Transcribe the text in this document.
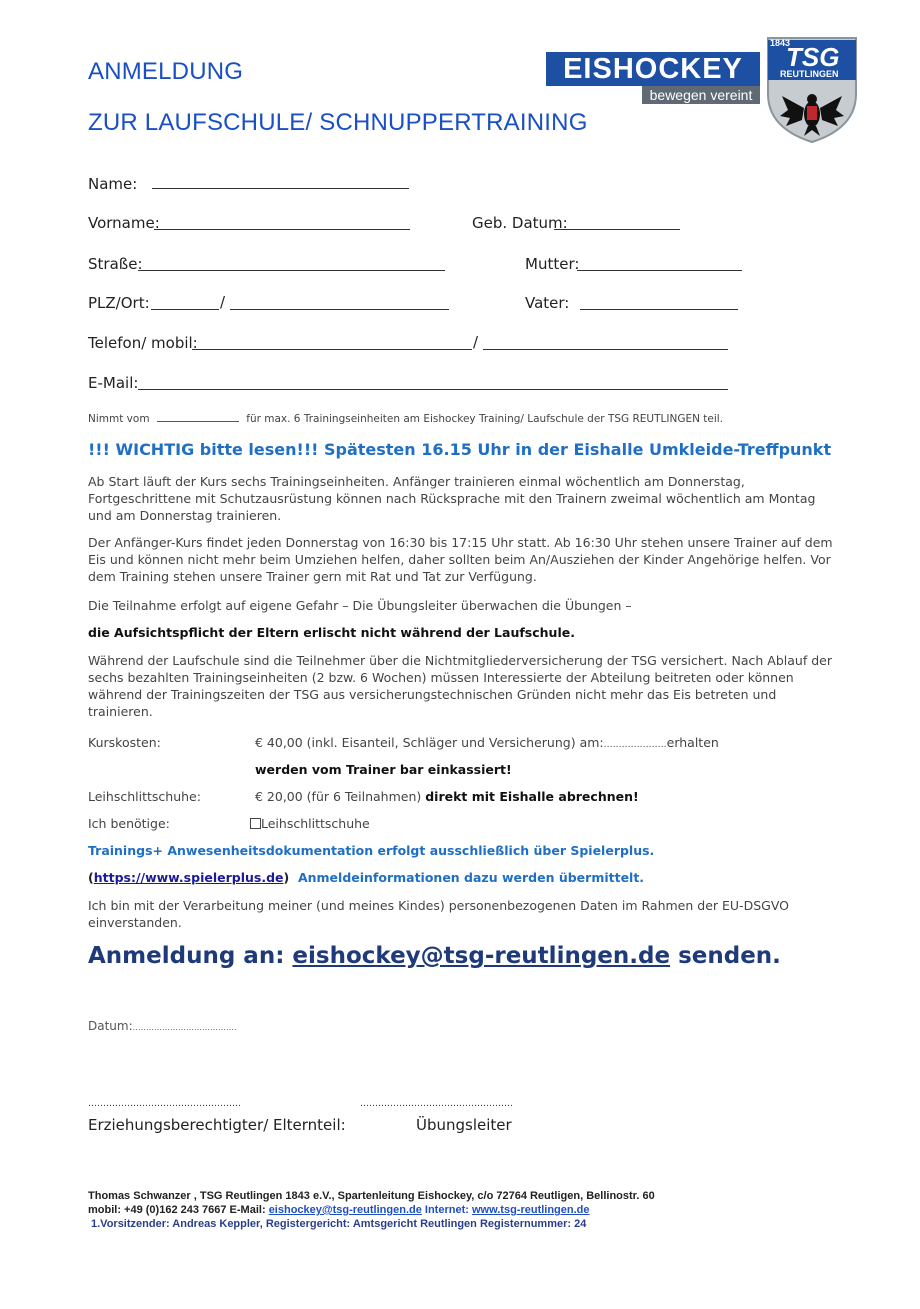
ANMELDUNG
ZUR LAUFSCHULE/ SCHNUPPERTRAINING
EISHOCKEY
bewegen vereint
1843
TSG
REUTLINGEN
Name:
Vorname:	Geb. Datum:
Straße:	Mutter:
PLZ/Ort:	/	Vater:
Telefon/ mobil:	/
E-Mail:
Nimmt vom	für max. 6 Trainingseinheiten am Eishockey Training/ Laufschule der TSG REUTLINGEN teil.
!!! WICHTIG bitte lesen!!! Spätesten 16.15 Uhr in der Eishalle Umkleide-Treffpunkt
Ab Start läuft der Kurs sechs Trainingseinheiten. Anfänger trainieren einmal wöchentlich am Donnerstag, Fortgeschrittene mit Schutzausrüstung können nach Rücksprache mit den Trainern zweimal wöchentlich am Montag und am Donnerstag trainieren.
Der Anfänger-Kurs findet jeden Donnerstag von 16:30 bis 17:15 Uhr statt. Ab 16:30 Uhr stehen unsere Trainer auf dem Eis und können nicht mehr beim Umziehen helfen, daher sollten beim An/Ausziehen der Kinder Angehörige helfen. Vor dem Training stehen unsere Trainer gern mit Rat und Tat zur Verfügung.
Die Teilnahme erfolgt auf eigene Gefahr – Die Übungsleiter überwachen die Übungen –
die Aufsichtspflicht der Eltern erlischt nicht während der Laufschule.
Während der Laufschule sind die Teilnehmer über die Nichtmitgliederversicherung der TSG versichert. Nach Ablauf der sechs bezahlten Trainingseinheiten (2 bzw. 6 Wochen) müssen Interessierte der Abteilung beitreten oder können während der Trainingszeiten der TSG aus versicherungstechnischen Gründen nicht mehr das Eis betreten und trainieren.
Kurskosten:	€ 40,00 (inkl. Eisanteil, Schläger und Versicherung) am:…………………erhalten
werden vom Trainer bar einkassiert!
Leihschlittschuhe:	€ 20,00 (für 6 Teilnahmen) direkt mit Eishalle abrechnen!
Ich benötige:	Leihschlittschuhe
Trainings+ Anwesenheitsdokumentation erfolgt ausschließlich über Spielerplus.
(https://www.spielerplus.de) Anmeldeinformationen dazu werden übermittelt.
Ich bin mit der Verarbeitung meiner (und meines Kindes) personenbezogenen Daten im Rahmen der EU-DSGVO einverstanden.
Anmeldung an: eishockey@tsg-reutlingen.de senden.
Datum:…………………………………
……………………………………………	……………………………………………
Erziehungsberechtigter/ Elternteil:	Übungsleiter
Thomas Schwanzer , TSG Reutlingen 1843 e.V., Spartenleitung Eishockey, c/o 72764 Reutligen, Bellinostr. 60
mobil: +49 (0)162 243 7667 E-Mail: eishockey@tsg-reutlingen.de Internet: www.tsg-reutlingen.de
1.Vorsitzender: Andreas Keppler, Registergericht: Amtsgericht Reutlingen Registernummer: 24
